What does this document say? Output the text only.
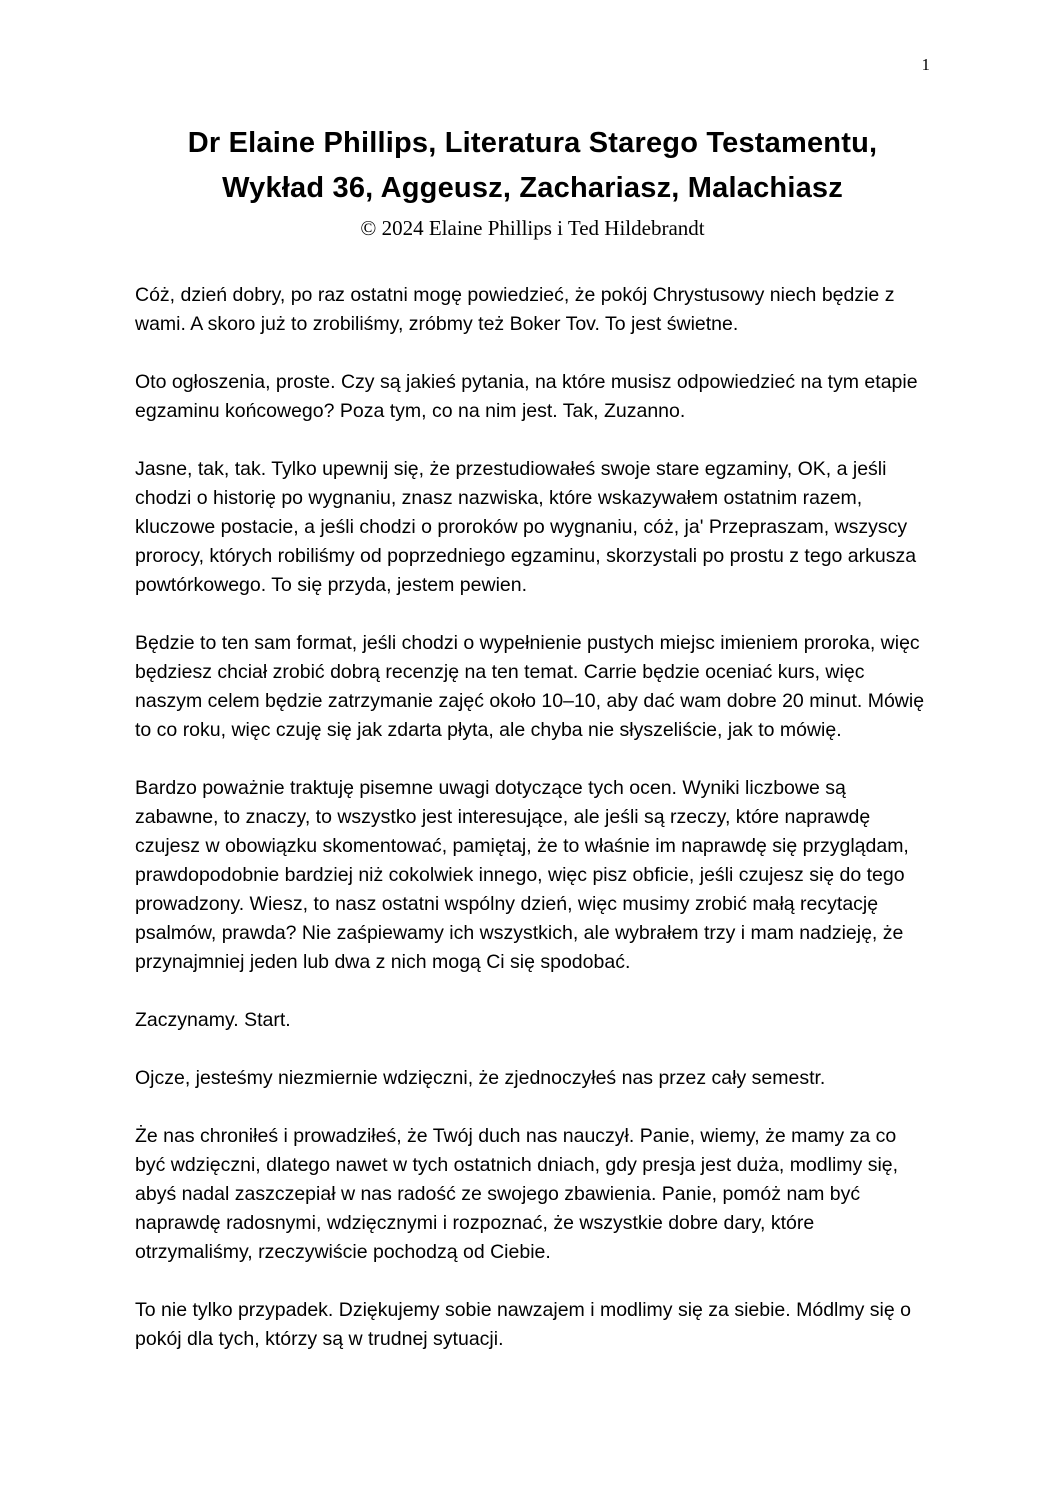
1
Dr Elaine Phillips, Literatura Starego Testamentu,
Wykład 36, Aggeusz, Zachariasz, Malachiasz
© 2024 Elaine Phillips i Ted Hildebrandt

Cóż, dzień dobry, po raz ostatni mogę powiedzieć, że pokój Chrystusowy niech będzie z wami. A skoro już to zrobiliśmy, zróbmy też Boker Tov. To jest świetne.

Oto ogłoszenia, proste. Czy są jakieś pytania, na które musisz odpowiedzieć na tym etapie egzaminu końcowego? Poza tym, co na nim jest. Tak, Zuzanno.

Jasne, tak, tak. Tylko upewnij się, że przestudiowałeś swoje stare egzaminy, OK, a jeśli chodzi o historię po wygnaniu, znasz nazwiska, które wskazywałem ostatnim razem, kluczowe postacie, a jeśli chodzi o proroków po wygnaniu, cóż, ja' Przepraszam, wszyscy prorocy, których robiliśmy od poprzedniego egzaminu, skorzystali po prostu z tego arkusza powtórkowego. To się przyda, jestem pewien.

Będzie to ten sam format, jeśli chodzi o wypełnienie pustych miejsc imieniem proroka, więc będziesz chciał zrobić dobrą recenzję na ten temat. Carrie będzie oceniać kurs, więc naszym celem będzie zatrzymanie zajęć około 10–10, aby dać wam dobre 20 minut. Mówię to co roku, więc czuję się jak zdarta płyta, ale chyba nie słyszeliście, jak to mówię.

Bardzo poważnie traktuję pisemne uwagi dotyczące tych ocen. Wyniki liczbowe są zabawne, to znaczy, to wszystko jest interesujące, ale jeśli są rzeczy, które naprawdę czujesz w obowiązku skomentować, pamiętaj, że to właśnie im naprawdę się przyglądam, prawdopodobnie bardziej niż cokolwiek innego, więc pisz obficie, jeśli czujesz się do tego prowadzony. Wiesz, to nasz ostatni wspólny dzień, więc musimy zrobić małą recytację psalmów, prawda? Nie zaśpiewamy ich wszystkich, ale wybrałem trzy i mam nadzieję, że przynajmniej jeden lub dwa z nich mogą Ci się spodobać.

Zaczynamy. Start.

Ojcze, jesteśmy niezmiernie wdzięczni, że zjednoczyłeś nas przez cały semestr.

Że nas chroniłeś i prowadziłeś, że Twój duch nas nauczył. Panie, wiemy, że mamy za co być wdzięczni, dlatego nawet w tych ostatnich dniach, gdy presja jest duża, modlimy się, abyś nadal zaszczepiał w nas radość ze swojego zbawienia. Panie, pomóż nam być naprawdę radosnymi, wdzięcznymi i rozpoznać, że wszystkie dobre dary, które otrzymaliśmy, rzeczywiście pochodzą od Ciebie.

To nie tylko przypadek. Dziękujemy sobie nawzajem i modlimy się za siebie. Módlmy się o pokój dla tych, którzy są w trudnej sytuacji.
